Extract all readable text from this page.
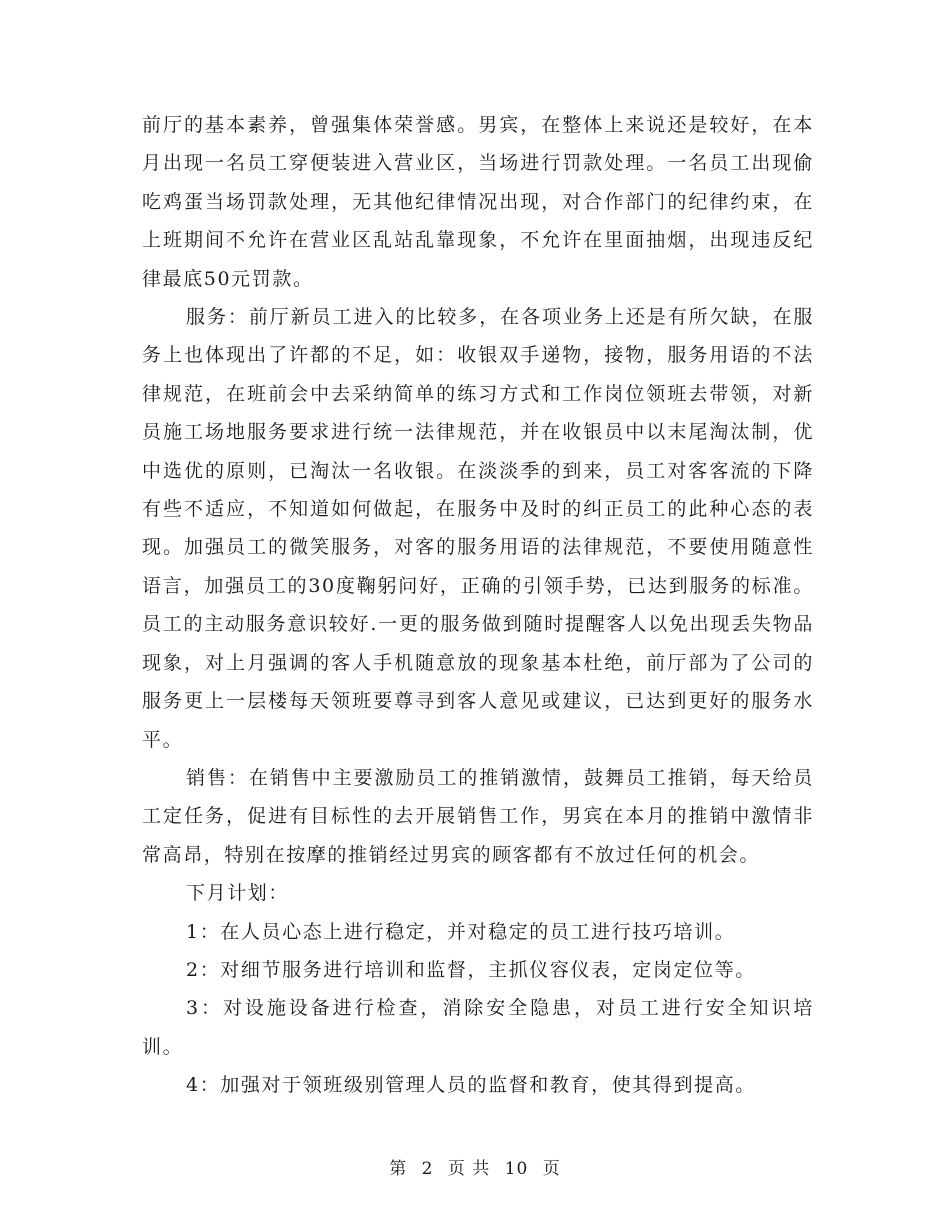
前厅的基本素养，曾强集体荣誉感。男宾，在整体上来说还是较好，在本月出现一名员工穿便装进入营业区，当场进行罚款处理。一名员工出现偷吃鸡蛋当场罚款处理，无其他纪律情况出现，对合作部门的纪律约束，在上班期间不允许在营业区乱站乱靠现象，不允许在里面抽烟，出现违反纪律最底50元罚款。

服务：前厅新员工进入的比较多，在各项业务上还是有所欠缺，在服务上也体现出了许都的不足，如：收银双手递物，接物，服务用语的不法律规范，在班前会中去采纳简单的练习方式和工作岗位领班去带领，对新员施工场地服务要求进行统一法律规范，并在收银员中以末尾淘汰制，优中选优的原则，已淘汰一名收银。在淡淡季的到来，员工对客客流的下降有些不适应，不知道如何做起，在服务中及时的纠正员工的此种心态的表现。加强员工的微笑服务，对客的服务用语的法律规范，不要使用随意性语言，加强员工的30度鞠躬问好，正确的引领手势，已达到服务的标准。员工的主动服务意识较好.一更的服务做到随时提醒客人以免出现丢失物品现象，对上月强调的客人手机随意放的现象基本杜绝，前厅部为了公司的服务更上一层楼每天领班要尊寻到客人意见或建议，已达到更好的服务水平。

销售：在销售中主要激励员工的推销激情，鼓舞员工推销，每天给员工定任务，促进有目标性的去开展销售工作，男宾在本月的推销中激情非常高昂，特别在按摩的推销经过男宾的顾客都有不放过任何的机会。

下月计划：

1：在人员心态上进行稳定，并对稳定的员工进行技巧培训。

2：对细节服务进行培训和监督，主抓仪容仪表，定岗定位等。

3：对设施设备进行检查，消除安全隐患，对员工进行安全知识培训。

4：加强对于领班级别管理人员的监督和教育，使其得到提高。

第 2 页 共 10 页
